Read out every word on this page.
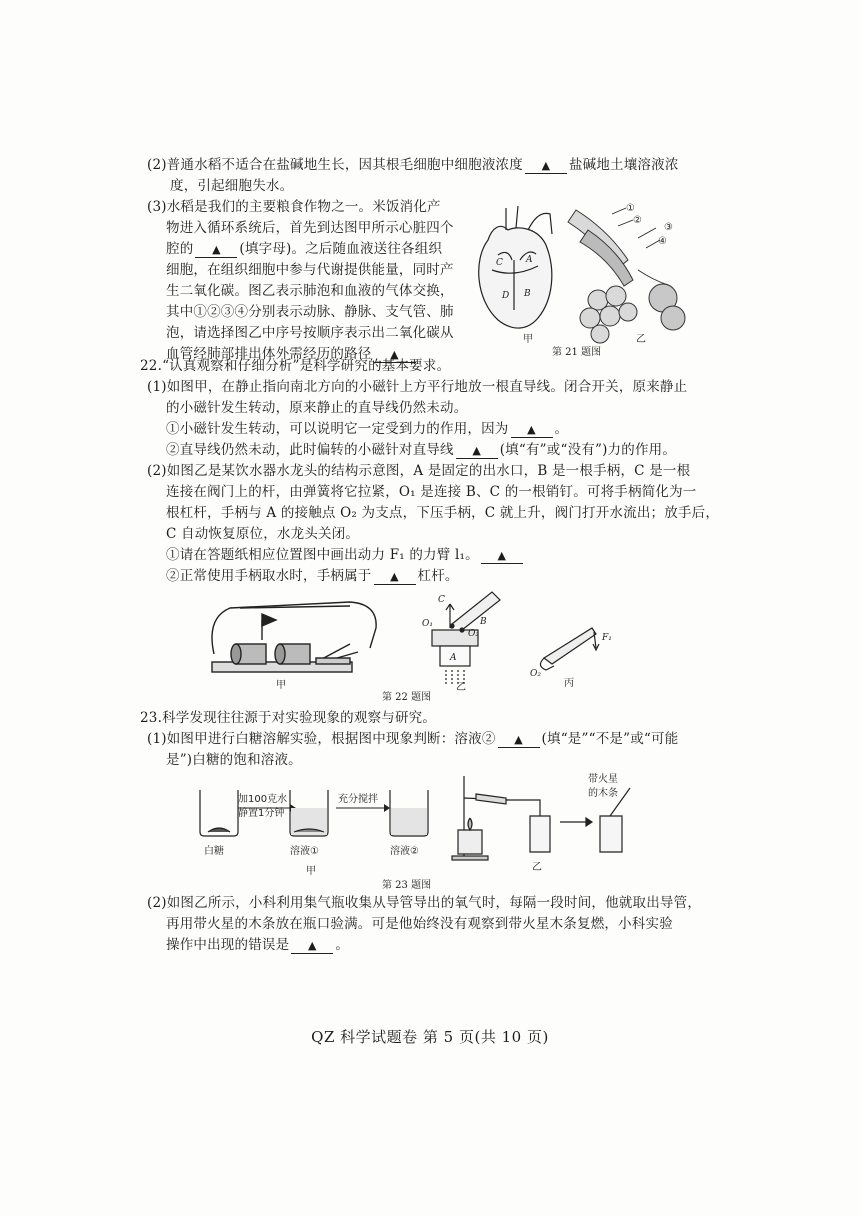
(2)普通水稻不适合在盐碱地生长，因其根毛细胞中细胞液浓度 ▲ 盐碱地土壤溶液浓
度，引起细胞失水。
(3)水稻是我们的主要粮食作物之一。米饭消化产
物进入循环系统后，首先到达图甲所示心脏四个
腔的 ▲ (填字母)。之后随血液送往各组织
细胞，在组织细胞中参与代谢提供能量，同时产
生二氧化碳。图乙表示肺泡和血液的气体交换，
其中①②③④分别表示动脉、静脉、支气管、肺
泡，请选择图乙中序号按顺序表示出二氧化碳从
血管经肺部排出体外需经历的路径 ▲
C	A
D B
甲
①
②
③
④
乙
第 21 题图
22.“认真观察和仔细分析”是科学研究的基本要求。
(1)如图甲，在静止指向南北方向的小磁针上方平行地放一根直导线。闭合开关，原来静止
的小磁针发生转动，原来静止的直导线仍然未动。
①小磁针发生转动，可以说明它一定受到力的作用，因为 ▲ 。
②直导线仍然未动，此时偏转的小磁针对直导线 ▲ (填“有”或“没有”)力的作用。
(2)如图乙是某饮水器水龙头的结构示意图，A 是固定的出水口，B 是一根手柄，C 是一根
连接在阀门上的杆，由弹簧将它拉紧，O₁ 是连接 B、C 的一根销钉。可将手柄简化为一
根杠杆，手柄与 A 的接触点 O₂ 为支点，下压手柄，C 就上升，阀门打开水流出；放手后，
C 自动恢复原位，水龙头关闭。
①请在答题纸相应位置图中画出动力 F₁ 的力臂 l₁。 ▲
②正常使用手柄取水时，手柄属于 ▲ 杠杆。
甲
C
B
O₁
O₂
A
乙
F₁
O₂
丙
第 22 题图
23.科学发现往往源于对实验现象的观察与研究。
(1)如图甲进行白糖溶解实验，根据图中现象判断：溶液② ▲ (填“是”“不是”或“可能
是”)白糖的饱和溶液。
白糖
加100克水
静置1分钟
溶液①
充分搅拌
溶液②
甲
带火星
的木条
乙
第 23 题图
(2)如图乙所示，小科利用集气瓶收集从导管导出的氧气时，每隔一段时间，他就取出导管，
再用带火星的木条放在瓶口验满。可是他始终没有观察到带火星木条复燃，小科实验
操作中出现的错误是 ▲ 。
QZ 科学试题卷 第 5 页(共 10 页)
